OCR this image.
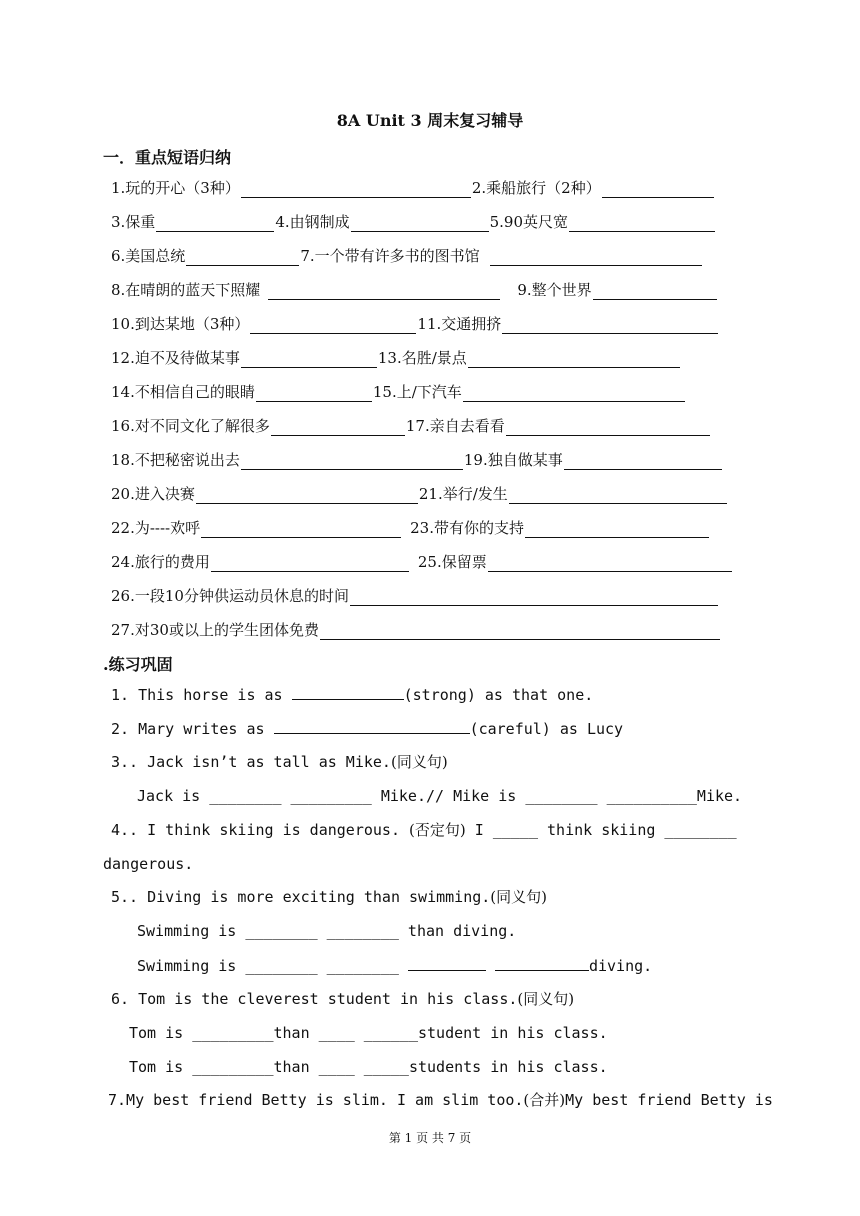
8A Unit 3 周末复习辅导
一．重点短语归纳
1.玩的开心（3种）	2.乘船旅行（2种）
3.保重	4.由钢制成	5.90英尺宽
6.美国总统	7.一个带有许多书的图书馆
8.在晴朗的蓝天下照耀	9.整个世界
10.到达某地（3种）	11.交通拥挤
12.迫不及待做某事	13.名胜/景点
14.不相信自己的眼睛	15.上/下汽车
16.对不同文化了解很多	17.亲自去看看
18.不把秘密说出去	19.独自做某事
20.进入决赛	21.举行/发生
22.为----欢呼	23.带有你的支持
24.旅行的费用	25.保留票
26.一段10分钟供运动员休息的时间
27.对30或以上的学生团体免费
.练习巩固
1. This horse is as	(strong) as that one.
2. Mary writes as	(careful) as Lucy
3.. Jack isn’t as tall as Mike.(同义句)
Jack is ________ _________ Mike.// Mike is ________ __________Mike.
4.. I think skiing is dangerous. (否定句) I _____ think skiing ________
dangerous.
5.. Diving is more exciting than swimming.(同义句)
Swimming is ________ ________ than diving.
Swimming is ________ ________	diving.
6. Tom is the cleverest student in his class.(同义句)
Tom is _________than ____ ______student in his class.
Tom is _________than ____ _____students in his class.
7.My best friend Betty is slim. I am slim too.(合并)My best friend Betty is
第 1 页 共 7 页
